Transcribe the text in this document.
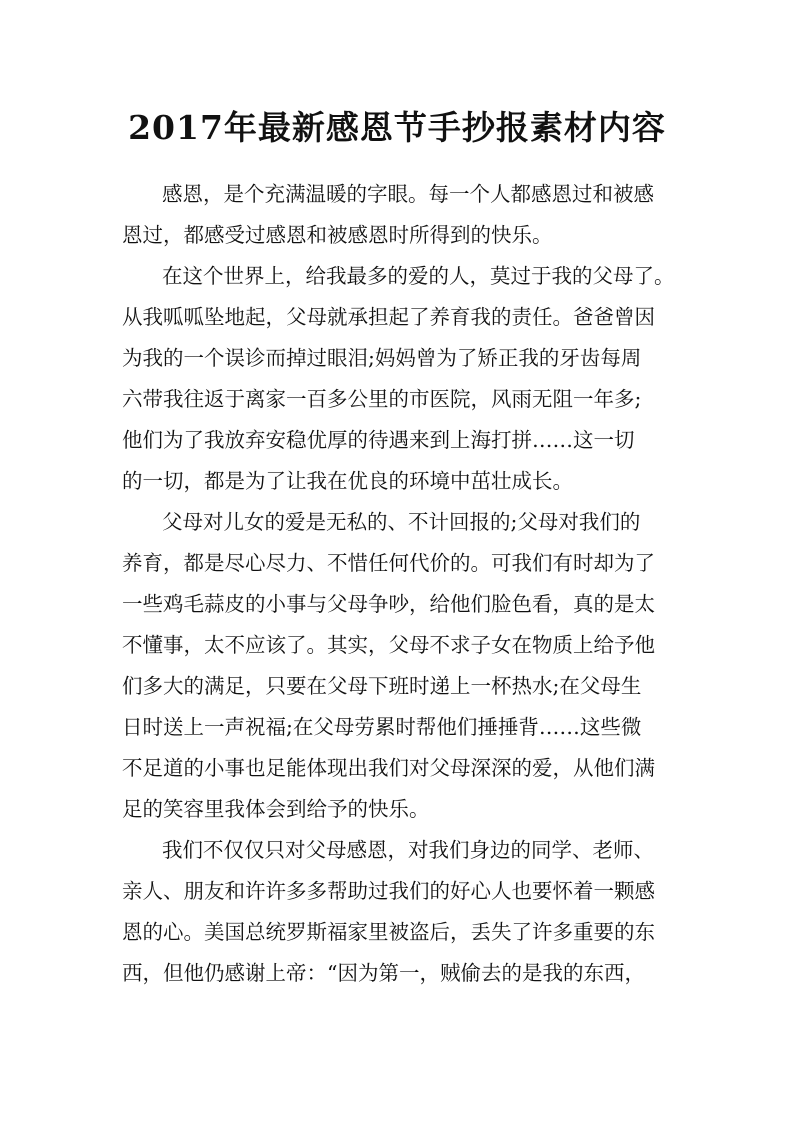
2017年最新感恩节手抄报素材内容
感恩，是个充满温暖的字眼。每一个人都感恩过和被感
恩过，都感受过感恩和被感恩时所得到的快乐。
在这个世界上，给我最多的爱的人，莫过于我的父母了。
从我呱呱坠地起，父母就承担起了养育我的责任。爸爸曾因
为我的一个误诊而掉过眼泪;妈妈曾为了矫正我的牙齿每周
六带我往返于离家一百多公里的市医院，风雨无阻一年多;
他们为了我放弃安稳优厚的待遇来到上海打拼……这一切
的一切，都是为了让我在优良的环境中茁壮成长。
父母对儿女的爱是无私的、不计回报的;父母对我们的
养育，都是尽心尽力、不惜任何代价的。可我们有时却为了
一些鸡毛蒜皮的小事与父母争吵，给他们脸色看，真的是太
不懂事，太不应该了。其实，父母不求子女在物质上给予他
们多大的满足，只要在父母下班时递上一杯热水;在父母生
日时送上一声祝福;在父母劳累时帮他们捶捶背……这些微
不足道的小事也足能体现出我们对父母深深的爱，从他们满
足的笑容里我体会到给予的快乐。
我们不仅仅只对父母感恩，对我们身边的同学、老师、
亲人、朋友和许许多多帮助过我们的好心人也要怀着一颗感
恩的心。美国总统罗斯福家里被盗后，丢失了许多重要的东
西，但他仍感谢上帝：“因为第一，贼偷去的是我的东西，
